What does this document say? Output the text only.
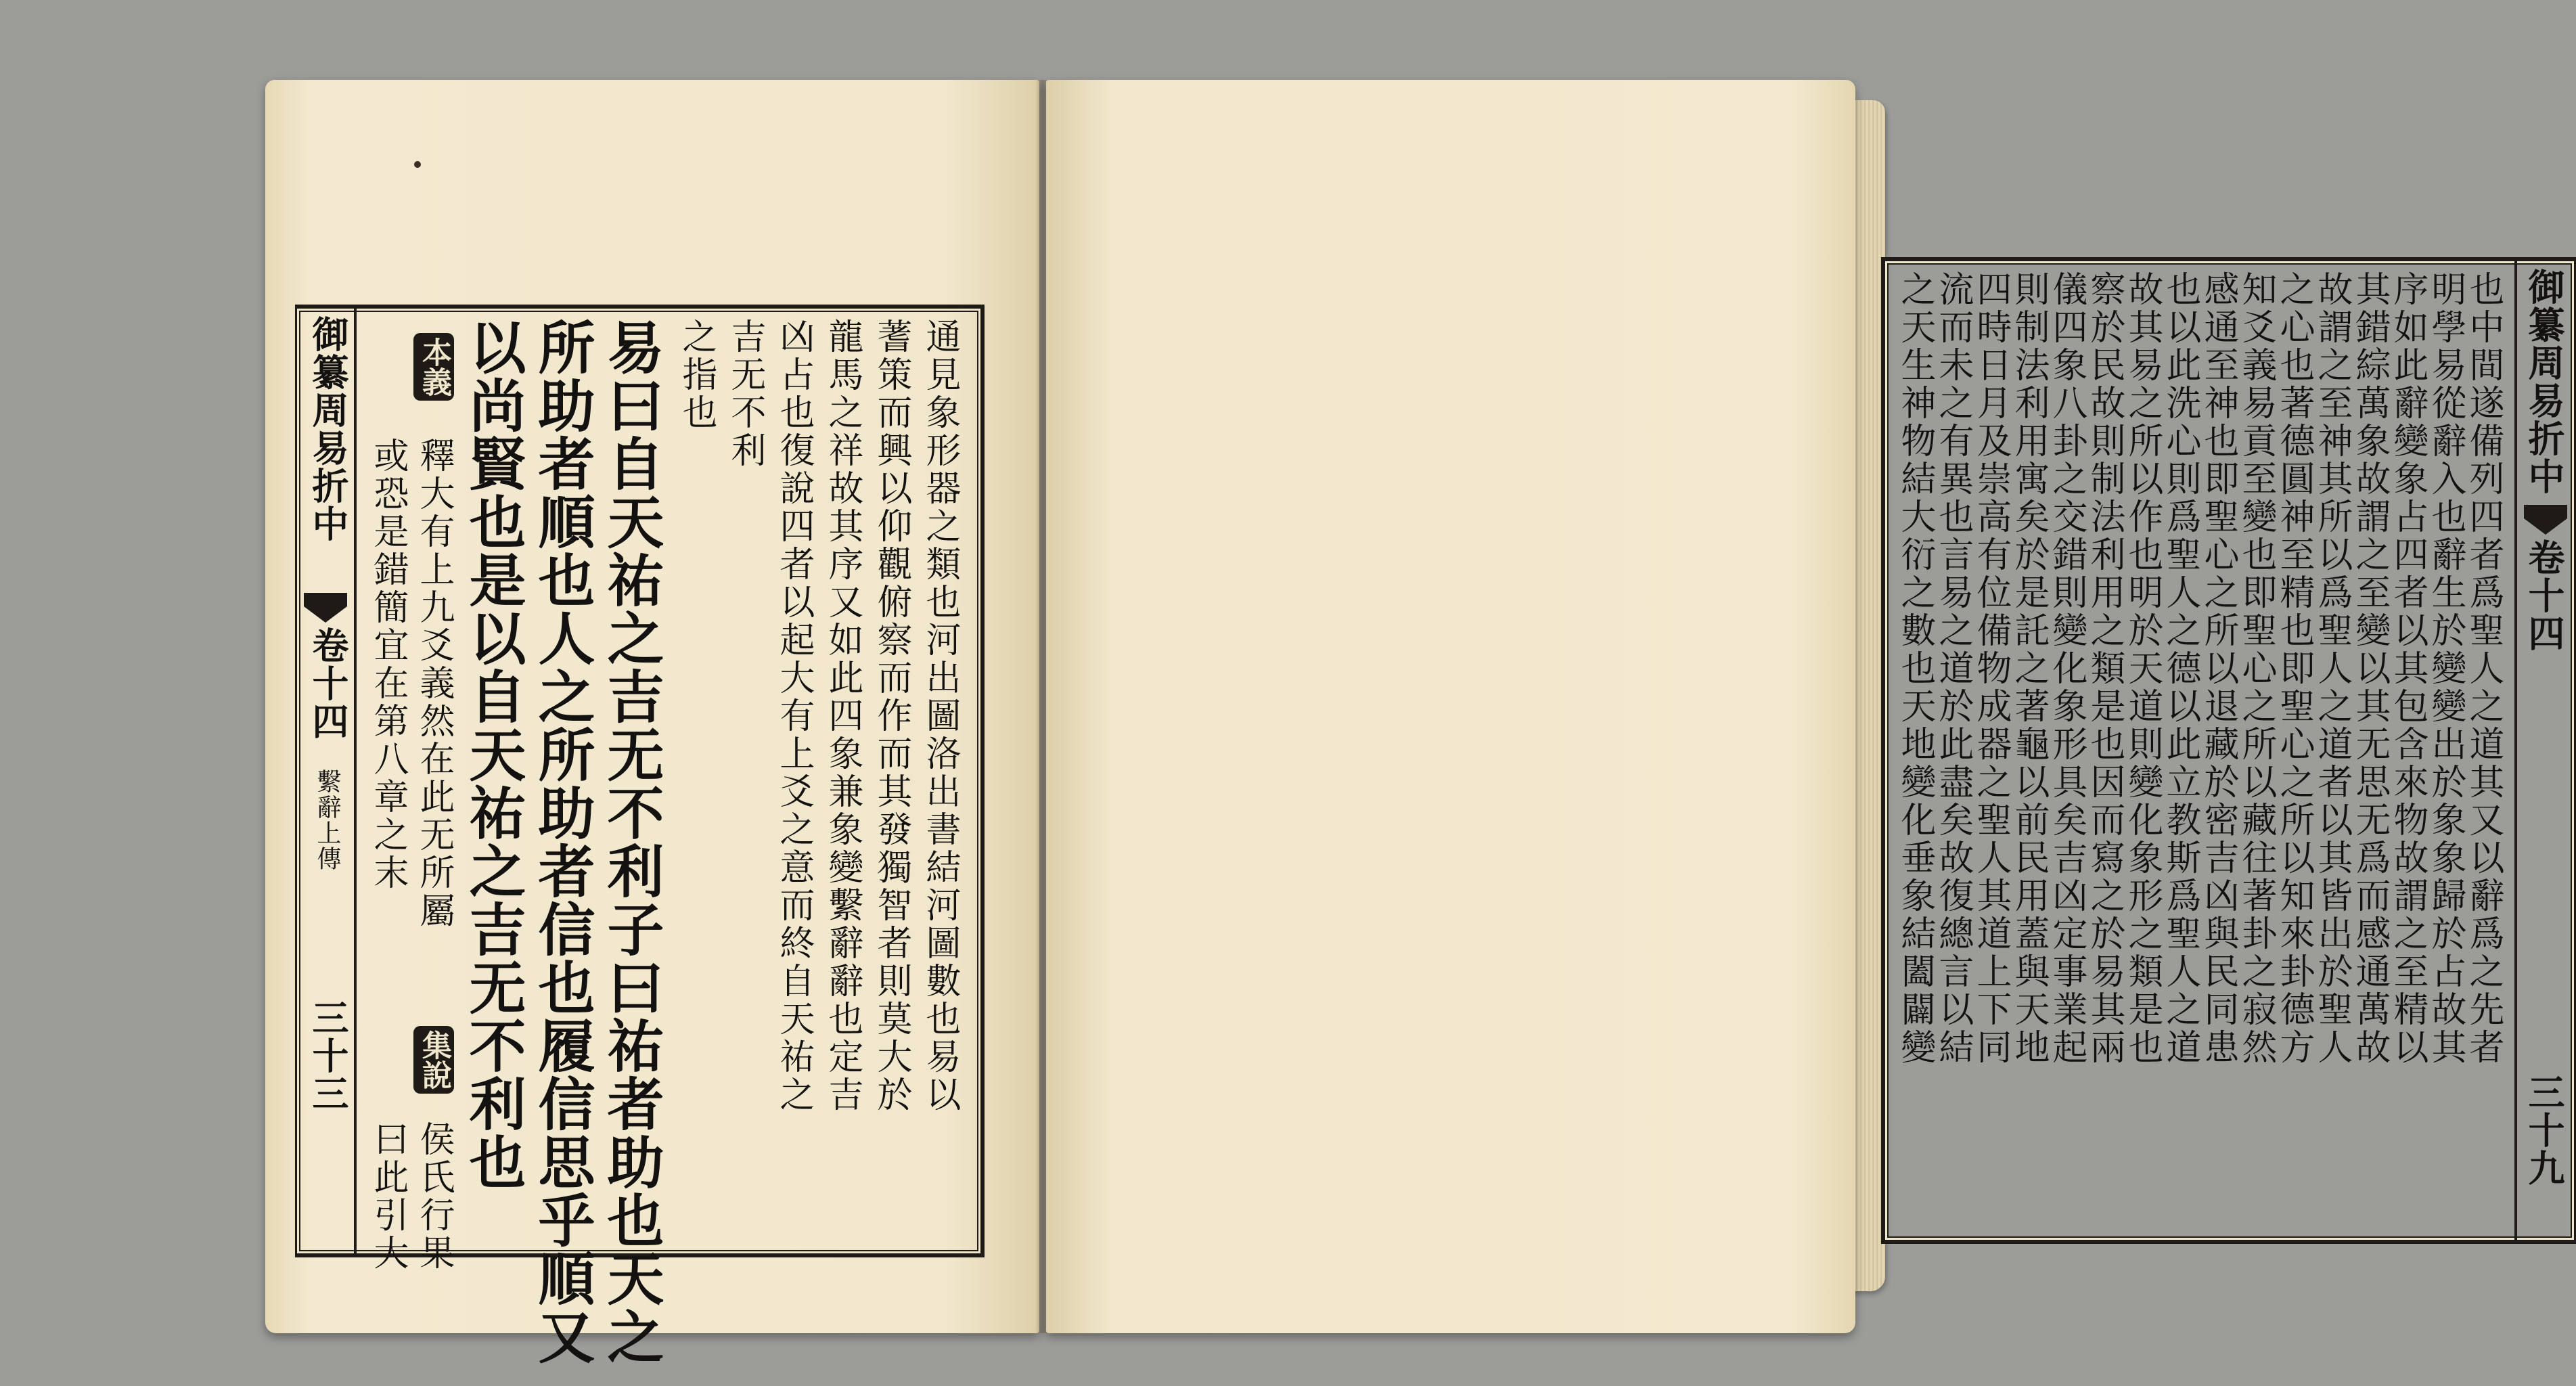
御纂周易折中
卷十四
繫辭上傳
三十三	通見象形器之類也河出圖洛出書結河圖數也易以
蓍策而興以仰觀俯察而作而其發獨智者則莫大於
龍馬之祥故其序又如此四象兼象變繫辭辭也定吉
凶占也復說四者以起大有上爻之意而終自天祐之
吉无不利
之指也
易曰自天祐之吉无不利子曰祐者助也天之
所助者順也人之所助者信也履信思乎順又
以尚賢也是以自天祐之吉无不利也
本義
釋大有上九爻義然在此无所屬
或恐是錯簡宜在第八章之末
集說
侯氏行果
曰此引大
御纂周易折中
卷十四
三十九
也中間遂備列四者爲聖人之道其又以辭爲之先者
明學易從辭入也辭生於變變出於象象歸於占故其
序如此辭變象占四者以其包含來物故謂之至精以
其錯綜萬象故謂之至變以其无思无爲而感通萬故
故謂之至神其所以爲聖人之道者以其皆出於聖人
之心也著德圓神至精也即聖心之所以知來卦德方
知爻義易貢至變也即聖心之所以藏往著卦之寂然
感通至神也即聖心之所以退藏於密吉凶與民同患
也以此洗心則爲聖人之德以此立教斯爲聖人之道
故其易之所以作也明於天道則變化象形之類是也
察於民故則制法利用之類是也因而寫之於易其兩
儀四象八卦之交錯則變化象形具矣吉凶定事業起
則制法利用寓矣於是託之著龜以前民用蓋與天地
四時日月及崇高有位備物成器之聖人其道上下同
流而未之有異也言易之道於此盡矣故復總言以結
之天生神物結大衍之數也天地變化垂象結闔闢變
